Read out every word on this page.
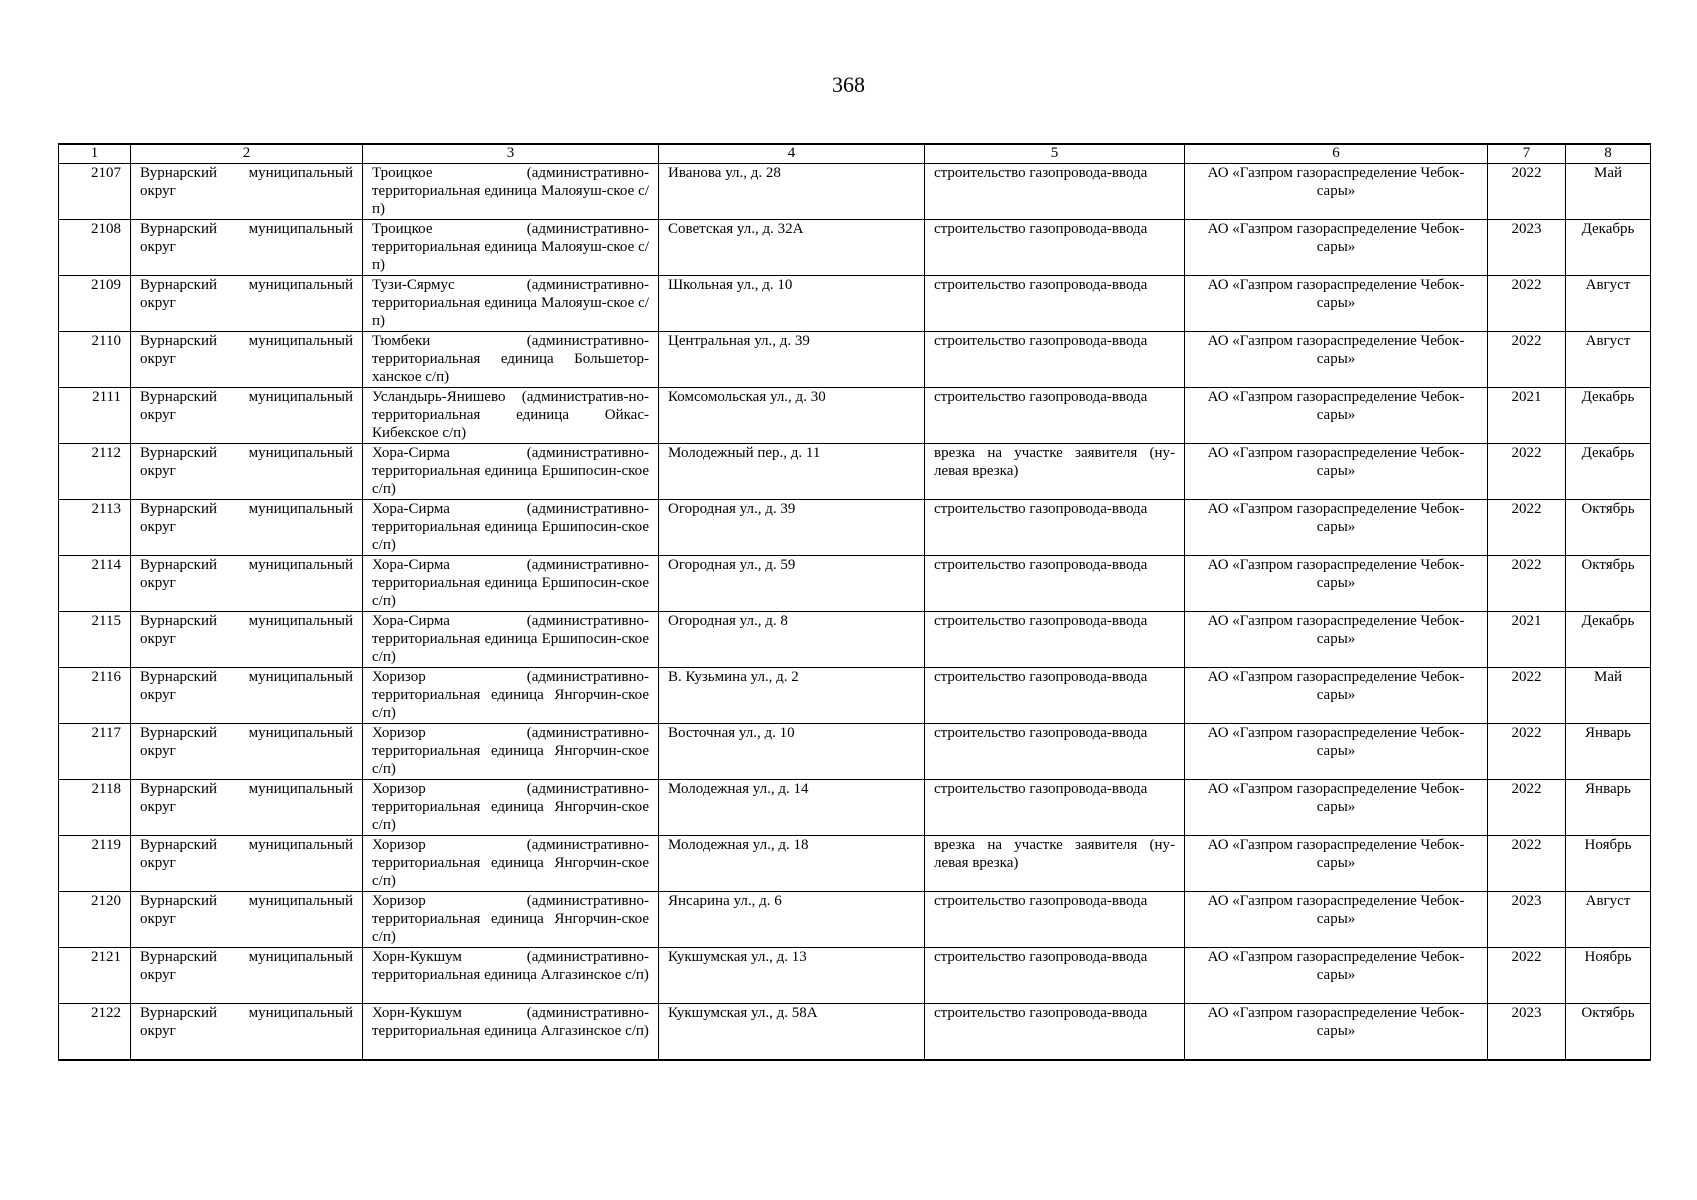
368
1	2	3	4	5	6	7	8
2107	Вурнарский муниципальный округ	Троицкое (административно-территориальная единица Малояуш-ское с/п)	Иванова ул., д. 28	строительство газопровода-ввода	АО «Газпром газораспределение Чебок-сары»	2022	Май
2108	Вурнарский муниципальный округ	Троицкое (административно-территориальная единица Малояуш-ское с/п)	Советская ул., д. 32А	строительство газопровода-ввода	АО «Газпром газораспределение Чебок-сары»	2023	Декабрь
2109	Вурнарский муниципальный округ	Тузи-Сярмус (административно-территориальная единица Малояуш-ское с/п)	Школьная ул., д. 10	строительство газопровода-ввода	АО «Газпром газораспределение Чебок-сары»	2022	Август
2110	Вурнарский муниципальный округ	Тюмбеки (административно-территориальная единица Большетор-ханское с/п)	Центральная ул., д. 39	строительство газопровода-ввода	АО «Газпром газораспределение Чебок-сары»	2022	Август
2111	Вурнарский муниципальный округ	Усландырь-Янишево (административ-но-территориальная единица Ойкас-Кибекское с/п)	Комсомольская ул., д. 30	строительство газопровода-ввода	АО «Газпром газораспределение Чебок-сары»	2021	Декабрь
2112	Вурнарский муниципальный округ	Хора-Сирма (административно-территориальная единица Ершипосин-ское с/п)	Молодежный пер., д. 11	врезка на участке заявителя (ну-левая врезка)	АО «Газпром газораспределение Чебок-сары»	2022	Декабрь
2113	Вурнарский муниципальный округ	Хора-Сирма (административно-территориальная единица Ершипосин-ское с/п)	Огородная ул., д. 39	строительство газопровода-ввода	АО «Газпром газораспределение Чебок-сары»	2022	Октябрь
2114	Вурнарский муниципальный округ	Хора-Сирма (административно-территориальная единица Ершипосин-ское с/п)	Огородная ул., д. 59	строительство газопровода-ввода	АО «Газпром газораспределение Чебок-сары»	2022	Октябрь
2115	Вурнарский муниципальный округ	Хора-Сирма (административно-территориальная единица Ершипосин-ское с/п)	Огородная ул., д. 8	строительство газопровода-ввода	АО «Газпром газораспределение Чебок-сары»	2021	Декабрь
2116	Вурнарский муниципальный округ	Хоризор (административно-территориальная единица Янгорчин-ское с/п)	В. Кузьмина ул., д. 2	строительство газопровода-ввода	АО «Газпром газораспределение Чебок-сары»	2022	Май
2117	Вурнарский муниципальный округ	Хоризор (административно-территориальная единица Янгорчин-ское с/п)	Восточная ул., д. 10	строительство газопровода-ввода	АО «Газпром газораспределение Чебок-сары»	2022	Январь
2118	Вурнарский муниципальный округ	Хоризор (административно-территориальная единица Янгорчин-ское с/п)	Молодежная ул., д. 14	строительство газопровода-ввода	АО «Газпром газораспределение Чебок-сары»	2022	Январь
2119	Вурнарский муниципальный округ	Хоризор (административно-территориальная единица Янгорчин-ское с/п)	Молодежная ул., д. 18	врезка на участке заявителя (ну-левая врезка)	АО «Газпром газораспределение Чебок-сары»	2022	Ноябрь
2120	Вурнарский муниципальный округ	Хоризор (административно-территориальная единица Янгорчин-ское с/п)	Янсарина ул., д. 6	строительство газопровода-ввода	АО «Газпром газораспределение Чебок-сары»	2023	Август
2121	Вурнарский муниципальный округ	Хорн-Кукшум (административно-территориальная единица Алгазинское с/п)	Кукшумская ул., д. 13	строительство газопровода-ввода	АО «Газпром газораспределение Чебок-сары»	2022	Ноябрь
2122	Вурнарский муниципальный округ	Хорн-Кукшум (административно-территориальная единица Алгазинское с/п)	Кукшумская ул., д. 58А	строительство газопровода-ввода	АО «Газпром газораспределение Чебок-сары»	2023	Октябрь
